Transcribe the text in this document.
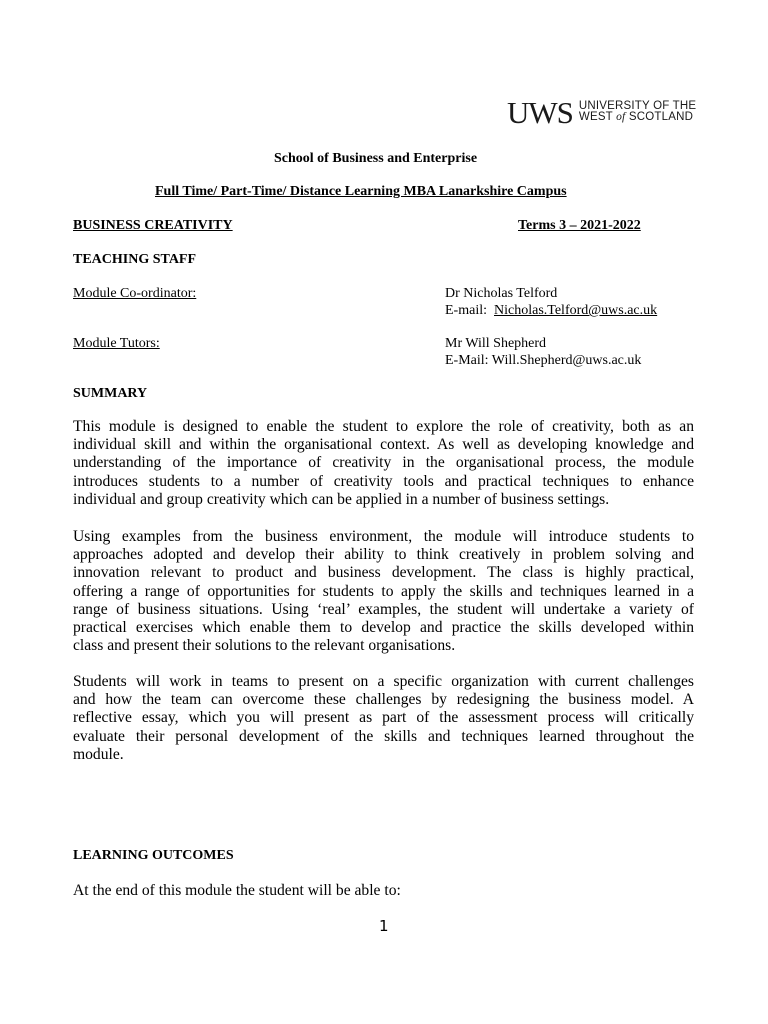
UWS UNIVERSITY OF THE
WEST of SCOTLAND
School of Business and Enterprise
Full Time/ Part-Time/ Distance Learning MBA Lanarkshire Campus
BUSINESS CREATIVITY	Terms 3 – 2021-2022
TEACHING STAFF
Module Co-ordinator:	Dr Nicholas Telford
E-mail: Nicholas.Telford@uws.ac.uk
Module Tutors:	Mr Will Shepherd
E-Mail: Will.Shepherd@uws.ac.uk
SUMMARY
This module is designed to enable the student to explore the role of creativity, both as an
individual skill and within the organisational context. As well as developing knowledge and
understanding of the importance of creativity in the organisational process, the module
introduces students to a number of creativity tools and practical techniques to enhance
individual and group creativity which can be applied in a number of business settings.
Using examples from the business environment, the module will introduce students to
approaches adopted and develop their ability to think creatively in problem solving and
innovation relevant to product and business development. The class is highly practical,
offering a range of opportunities for students to apply the skills and techniques learned in a
range of business situations. Using ‘real’ examples, the student will undertake a variety of
practical exercises which enable them to develop and practice the skills developed within
class and present their solutions to the relevant organisations.
Students will work in teams to present on a specific organization with current challenges
and how the team can overcome these challenges by redesigning the business model. A
reflective essay, which you will present as part of the assessment process will critically
evaluate their personal development of the skills and techniques learned throughout the
module.
LEARNING OUTCOMES
At the end of this module the student will be able to:
1
